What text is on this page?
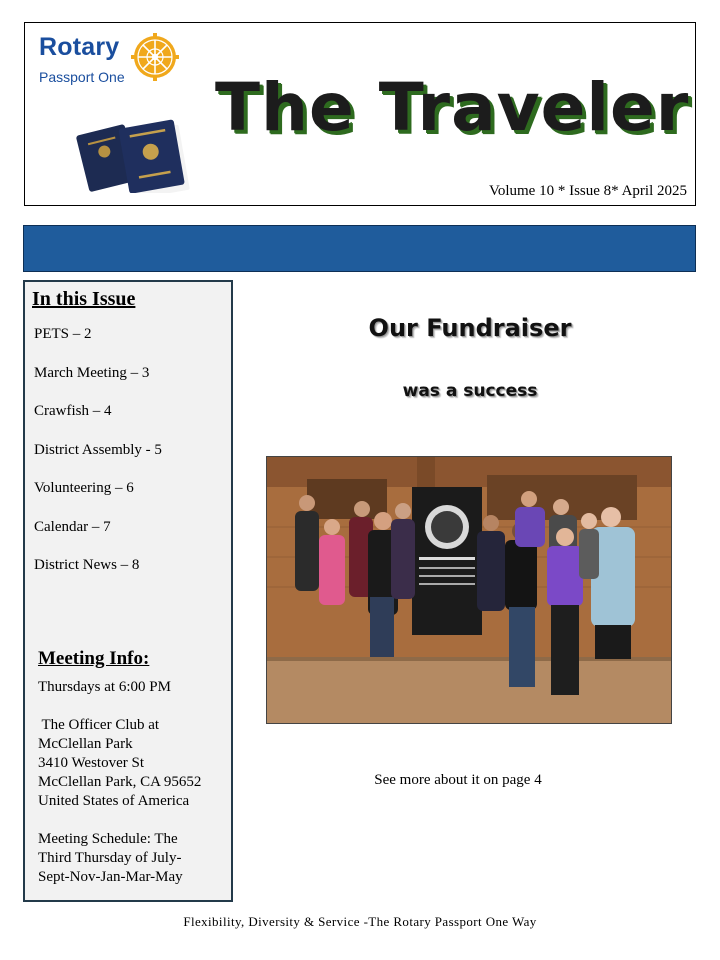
Rotary
Passport One The Traveler
Volume 10 * Issue 8* April 2025
In this Issue
PETS – 2
March Meeting – 3
Crawfish – 4
District Assembly - 5
Volunteering – 6
Calendar – 7
District News – 8
Meeting Info:
Thursdays at 6:00 PM
The Officer Club at
McClellan Park
3410 Westover St
McClellan Park, CA 95652
United States of America
Meeting Schedule: The
Third Thursday of July-
Sept-Nov-Jan-Mar-May
Our Fundraiser
was a success
See more about it on page 4
Flexibility, Diversity & Service -The Rotary Passport One Way
